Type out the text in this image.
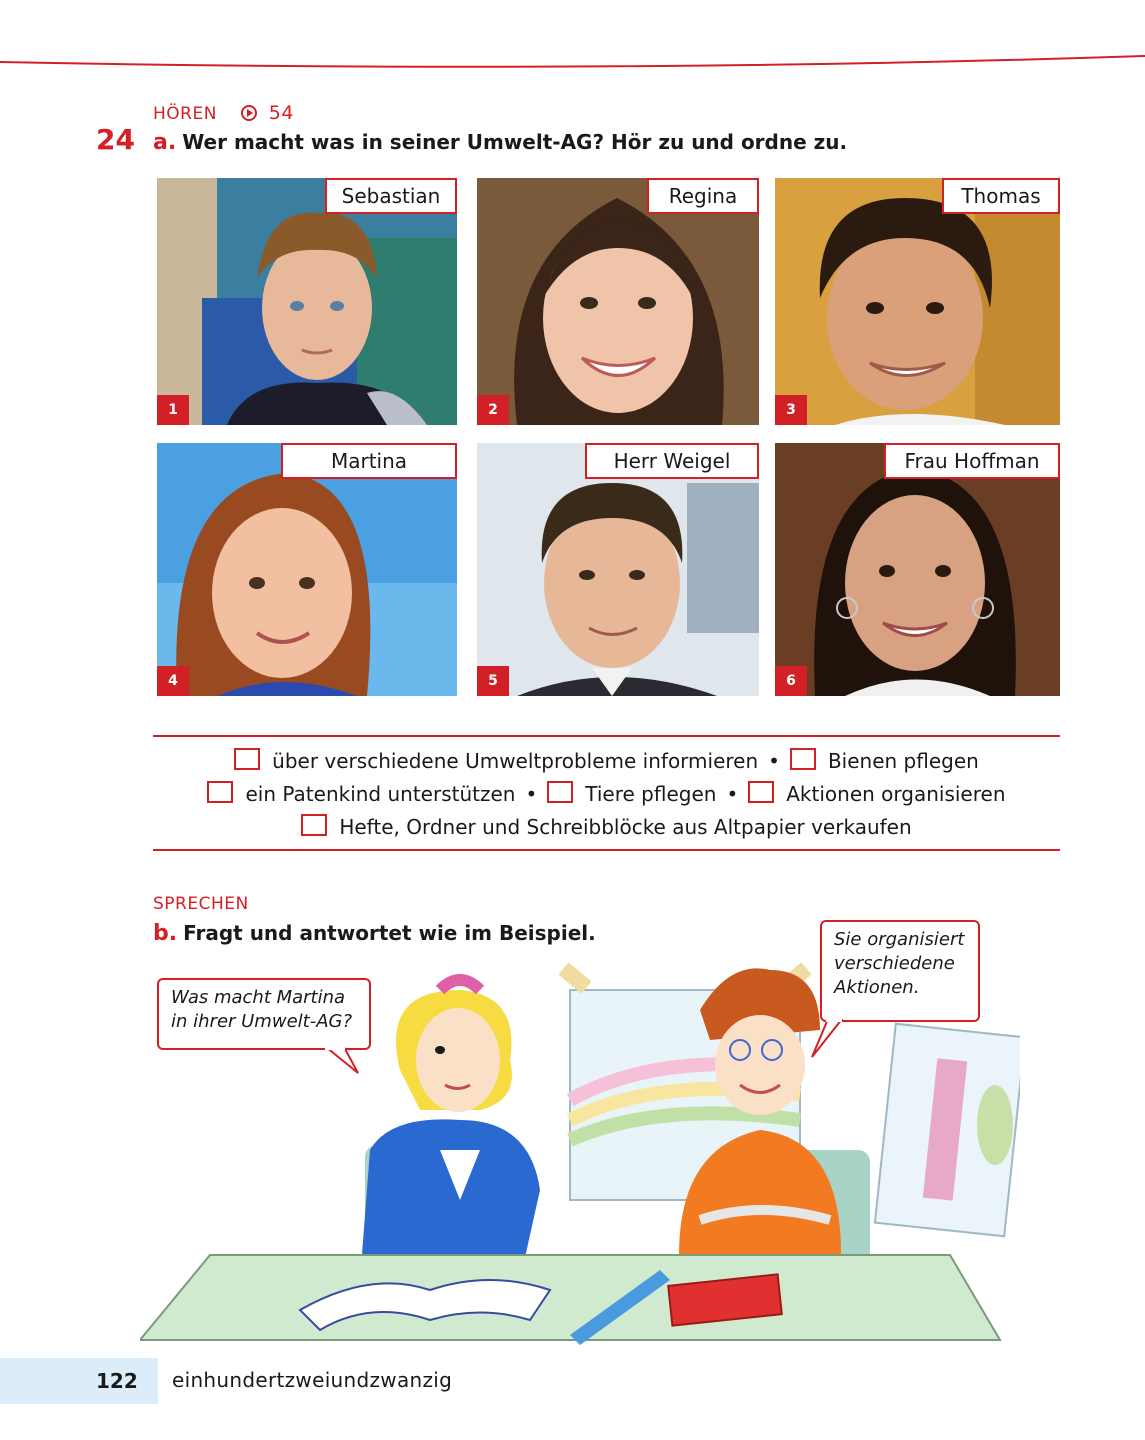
HÖREN	54
24 a. Wer macht was in seiner Umwelt-AG? Hör zu und ordne zu.
Sebastian
1
Regina
2
Thomas
3
Martina
4
Herr Weigel
5
Frau Hoffman
6
über verschiedene Umweltprobleme informieren • Bienen pflegen
ein Patenkind unterstützen • Tiere pflegen • Aktionen organisieren
Hefte, Ordner und Schreibblöcke aus Altpapier verkaufen
SPRECHEN
b. Fragt und antwortet wie im Beispiel.
Was macht Martina
in ihrer Umwelt-AG?
Sie organisiert
verschiedene
Aktionen.
122	einhundertzweiundzwanzig
